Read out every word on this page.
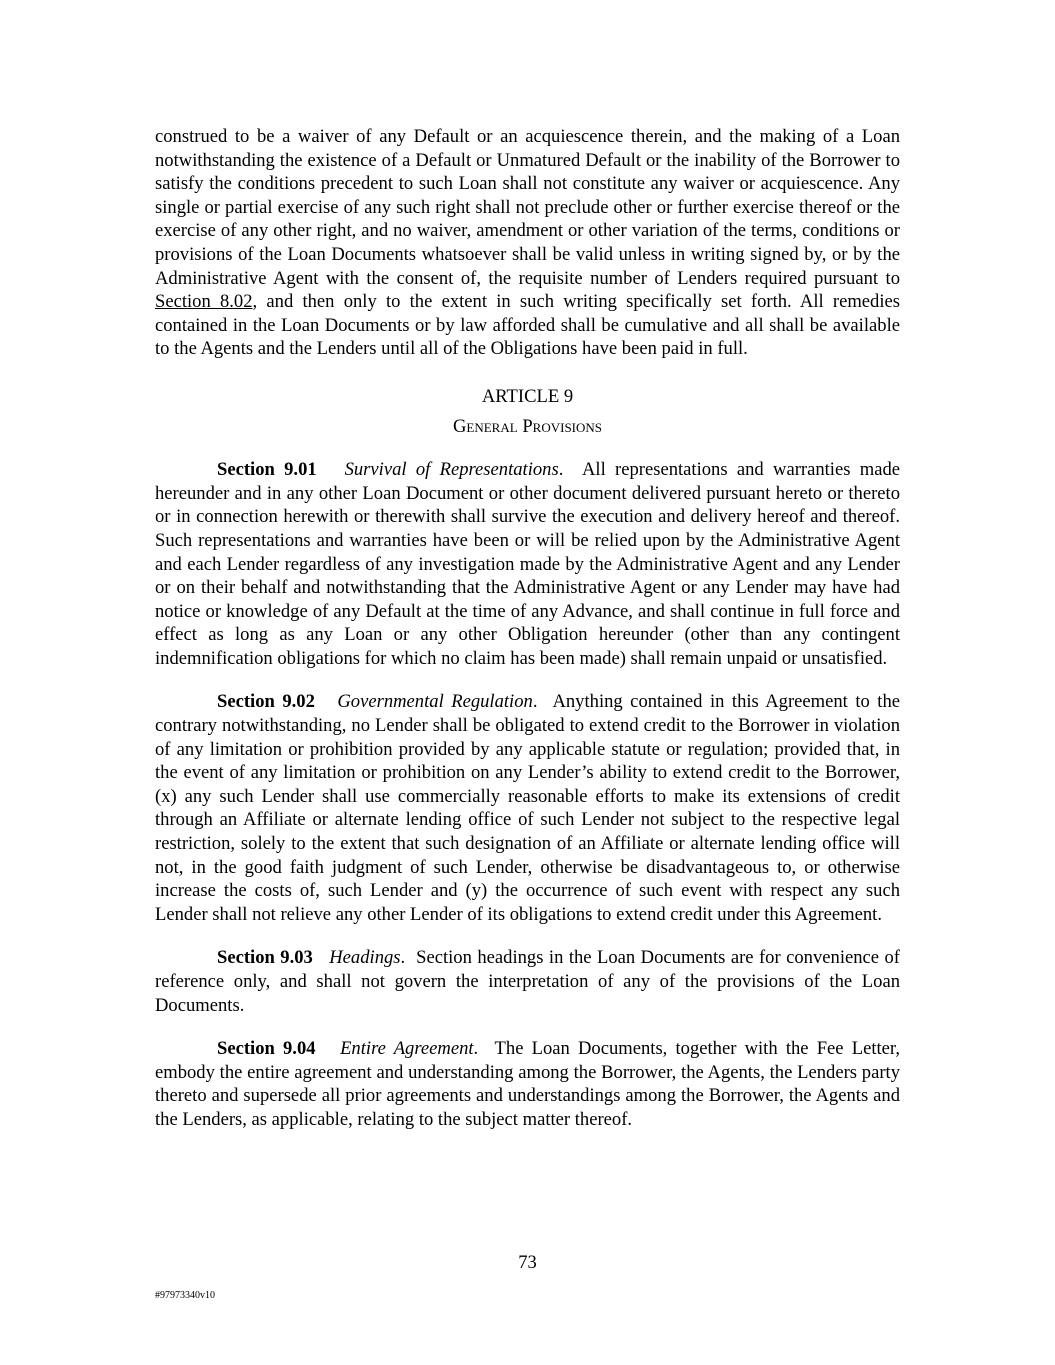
construed to be a waiver of any Default or an acquiescence therein, and the making of a Loan notwithstanding the existence of a Default or Unmatured Default or the inability of the Borrower to satisfy the conditions precedent to such Loan shall not constitute any waiver or acquiescence. Any single or partial exercise of any such right shall not preclude other or further exercise thereof or the exercise of any other right, and no waiver, amendment or other variation of the terms, conditions or provisions of the Loan Documents whatsoever shall be valid unless in writing signed by, or by the Administrative Agent with the consent of, the requisite number of Lenders required pursuant to Section 8.02, and then only to the extent in such writing specifically set forth. All remedies contained in the Loan Documents or by law afforded shall be cumulative and all shall be available to the Agents and the Lenders until all of the Obligations have been paid in full.

ARTICLE 9

General Provisions

Section 9.01 Survival of Representations.  All representations and warranties made hereunder and in any other Loan Document or other document delivered pursuant hereto or thereto or in connection herewith or therewith shall survive the execution and delivery hereof and thereof. Such representations and warranties have been or will be relied upon by the Administrative Agent and each Lender regardless of any investigation made by the Administrative Agent and any Lender or on their behalf and notwithstanding that the Administrative Agent or any Lender may have had notice or knowledge of any Default at the time of any Advance, and shall continue in full force and effect as long as any Loan or any other Obligation hereunder (other than any contingent indemnification obligations for which no claim has been made) shall remain unpaid or unsatisfied.

Section 9.02 Governmental Regulation.  Anything contained in this Agreement to the contrary notwithstanding, no Lender shall be obligated to extend credit to the Borrower in violation of any limitation or prohibition provided by any applicable statute or regulation; provided that, in the event of any limitation or prohibition on any Lender’s ability to extend credit to the Borrower, (x) any such Lender shall use commercially reasonable efforts to make its extensions of credit through an Affiliate or alternate lending office of such Lender not subject to the respective legal restriction, solely to the extent that such designation of an Affiliate or alternate lending office will not, in the good faith judgment of such Lender, otherwise be disadvantageous to, or otherwise increase the costs of, such Lender and (y) the occurrence of such event with respect any such Lender shall not relieve any other Lender of its obligations to extend credit under this Agreement.

Section 9.03 Headings.  Section headings in the Loan Documents are for convenience of reference only, and shall not govern the interpretation of any of the provisions of the Loan Documents.

Section 9.04 Entire Agreement.  The Loan Documents, together with the Fee Letter, embody the entire agreement and understanding among the Borrower, the Agents, the Lenders party thereto and supersede all prior agreements and understandings among the Borrower, the Agents and the Lenders, as applicable, relating to the subject matter thereof.

73
#97973340v10
